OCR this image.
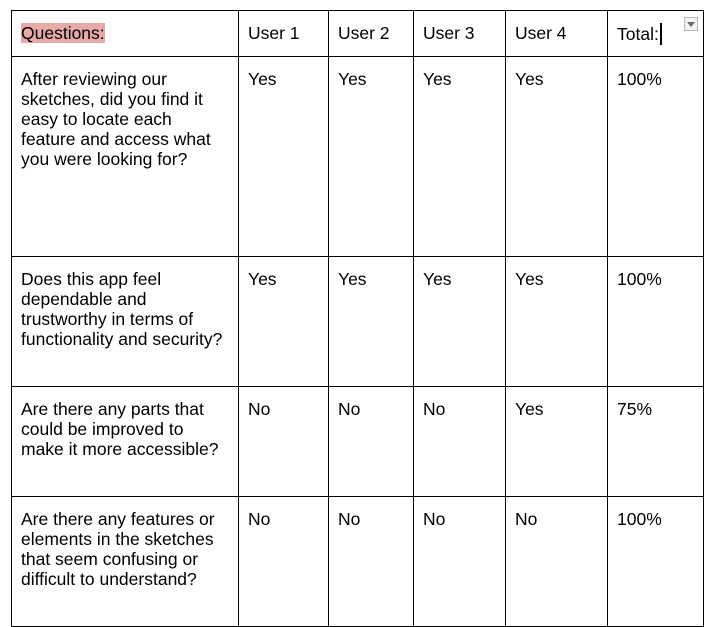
Questions:	User 1	User 2	User 3	User 4	Total:

After reviewing our sketches, did you find it easy to locate each feature and access what you were looking for?	Yes	Yes	Yes	Yes	100%
Does this app feel dependable and trustworthy in terms of functionality and security?	Yes	Yes	Yes	Yes	100%
Are there any parts that could be improved to make it more accessible?	No	No	No	Yes	75%
Are there any features or elements in the sketches that seem confusing or difficult to understand?	No	No	No	No	100%
